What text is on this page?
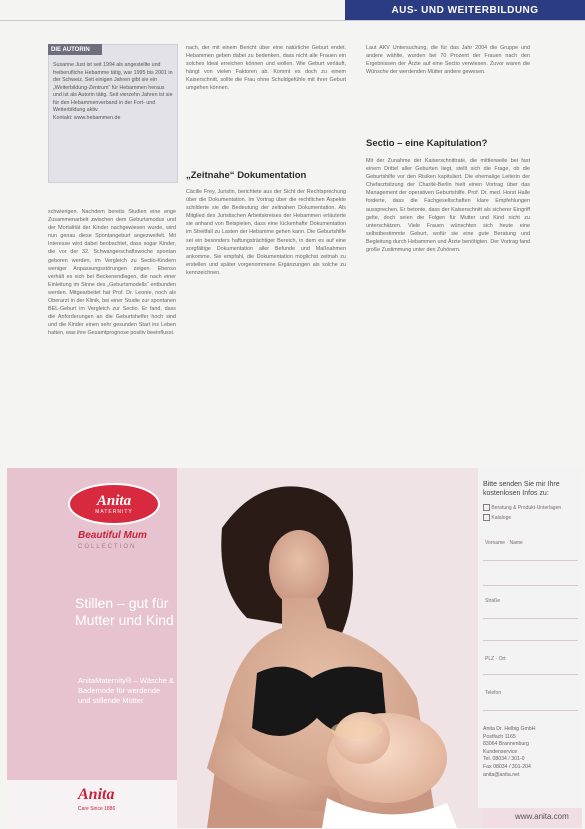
AUS- UND WEITERBILDUNG
DIE AUTORIN
Susanne Just ist seit 1994 als angestellte und freiberufliche Hebamme tätig, war 1995 bis 2001 in der Schweiz. Seit einigen Jahren gibt sie ein „Weiterbildung-Zentrum“ für Hebammen heraus und ist als Autorin tätig. Seit vierzehn Jahren ist sie für den Hebammenverband in der Fort- und Weiterbildung aktiv.
Kontakt: www.hebammen.de
schwierigen. Nachdem bereits Studien eine enge Zusammenarbeit zwischen dem Geburtsmodus und der Mortalität der Kinder nachgewiesen wurde, wird nun genau diese Spontangeburt angezweifelt. Mit Interesse wird dabei beobachtet, dass sogar Kinder, die vor der 32. Schwangerschaftswoche spontan geboren werden, im Vergleich zu Sectio-Kindern weniger Anpassungsstörungen zeigen. Ebenso verhält es sich bei Beckenendlagen, die nach einer Einleitung im Sinne des „Geburtsmodells“ entbunden werden. Mitgearbeitet hat Prof. Dr. Leonie, noch als Oberarzt in der Klinik, bei einer Studie zur spontanen BEL-Geburt im Vergleich zur Sectio. Er fand, dass die Anforderungen an die Geburtshelfer hoch sind und die Kinder einen sehr gesunden Start ins Leben hatten, was ihre Gesamtprognose positiv beeinflusst.
nach, der mit einem Bericht über eine natürliche Geburt endet. Hebammen geben dabei zu bedenken, dass nicht alle Frauen ein solches Ideal erreichen können und wollen. Wie Geburt verläuft, hängt von vielen Faktoren ab. Kommt es doch zu einem Kaiserschnitt, sollte die Frau ohne Schuldgefühle mit ihrer Geburt umgehen können.
„Zeitnahe“ Dokumentation
Cäcilie Frey, Juristin, berichtete aus der Sicht der Rechtsprechung über die Dokumentation. Im Vortrag über die rechtlichen Aspekte schilderte sie die Bedeutung der zeitnahen Dokumentation. Als Mitglied des Juristischen Arbeitskreises der Hebammen erläuterte sie anhand von Beispielen, dass eine lückenhafte Dokumentation im Streitfall zu Lasten der Hebamme gehen kann. Die Geburtshilfe sei ein besonders haftungsträchtiger Bereich, in dem es auf eine sorgfältige Dokumentation aller Befunde und Maßnahmen ankomme. Sie empfahl, die Dokumentation möglichst zeitnah zu erstellen und später vorgenommene Ergänzungen als solche zu kennzeichnen.
Laut AKV Untersuchung, die für das Jahr 2004 die Gruppe und andere wählte, wurden bei 70 Prozent der Frauen nach den Ergebnissen der Ärzte auf eine Sectio verwiesen. Zuvor waren die Wünsche der werdenden Mütter andere gewesen.
Sectio – eine Kapitulation?
Mit der Zunahme der Kaiserschnittrate, die mittlerweile bei fast einem Drittel aller Geburten liegt, stellt sich die Frage, ob die Geburtshilfe vor den Risiken kapituliert. Die ehemalige Leiterin der Chefarztsitzung der Charité-Berlin hielt einen Vortrag über das Management der operativen Geburtshilfe. Prof. Dr. med. Horst Halle forderte, dass die Fachgesellschaften klare Empfehlungen aussprechen. Er betonte, dass der Kaiserschnitt als sicherer Eingriff gelte, doch seien die Folgen für Mutter und Kind nicht zu unterschätzen. Viele Frauen wünschten sich heute eine selbstbestimmte Geburt, wofür sie eine gute Beratung und Begleitung durch Hebammen und Ärzte benötigten. Der Vortrag fand große Zustimmung unter den Zuhörern.
Anita
MATERNITY
Beautiful Mum
COLLECTION
Stillen – gut für Mutter und Kind
AnitaMaternity® – Wäsche & Bademode für werdende und stillende Mütter
Anita
Care Since 1886
Bitte senden Sie mir Ihre kostenlosen Infos zu:
Beratung & Produkt-Unterlagen
Kataloge
Vorname · Name
Straße
PLZ · Ort
Telefon
Anita Dr. Helbig GmbH
Postfach 1165
83064 Brannenburg
Kundenservice
Tel. 08034 / 301-0
Fax 08034 / 301-204
anita@anita.net
www.anita.com
